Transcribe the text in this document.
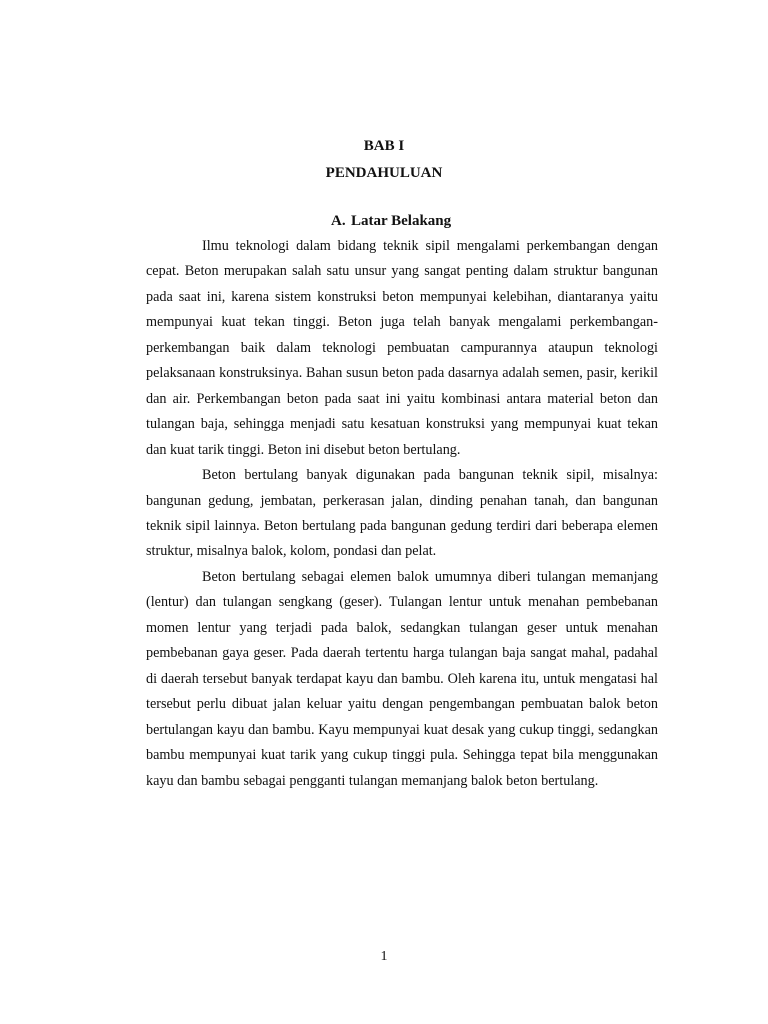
BAB I
PENDAHULUAN
A. Latar Belakang

Ilmu teknologi dalam bidang teknik sipil mengalami perkembangan dengan cepat. Beton merupakan salah satu unsur yang sangat penting dalam struktur bangunan pada saat ini, karena sistem konstruksi beton mempunyai kelebihan, diantaranya yaitu mempunyai kuat tekan tinggi. Beton juga telah banyak mengalami perkembangan-perkembangan baik dalam teknologi pembuatan campurannya ataupun teknologi pelaksanaan konstruksinya. Bahan susun beton pada dasarnya adalah semen, pasir, kerikil dan air. Perkembangan beton pada saat ini yaitu kombinasi antara material beton dan tulangan baja, sehingga menjadi satu kesatuan konstruksi yang mempunyai kuat tekan dan kuat tarik tinggi. Beton ini disebut beton bertulang.

Beton bertulang banyak digunakan pada bangunan teknik sipil, misalnya: bangunan gedung, jembatan, perkerasan jalan, dinding penahan tanah, dan bangunan teknik sipil lainnya. Beton bertulang pada bangunan gedung terdiri dari beberapa elemen struktur, misalnya balok, kolom, pondasi dan pelat.

Beton bertulang sebagai elemen balok umumnya diberi tulangan memanjang (lentur) dan tulangan sengkang (geser). Tulangan lentur untuk menahan pembebanan momen lentur yang terjadi pada balok, sedangkan tulangan geser untuk menahan pembebanan gaya geser. Pada daerah tertentu harga tulangan baja sangat mahal, padahal di daerah tersebut banyak terdapat kayu dan bambu. Oleh karena itu, untuk mengatasi hal tersebut perlu dibuat jalan keluar yaitu dengan pengembangan pembuatan balok beton bertulangan kayu dan bambu. Kayu mempunyai kuat desak yang cukup tinggi, sedangkan bambu mempunyai kuat tarik yang cukup tinggi pula. Sehingga tepat bila menggunakan kayu dan bambu sebagai pengganti tulangan memanjang balok beton bertulang.

1
